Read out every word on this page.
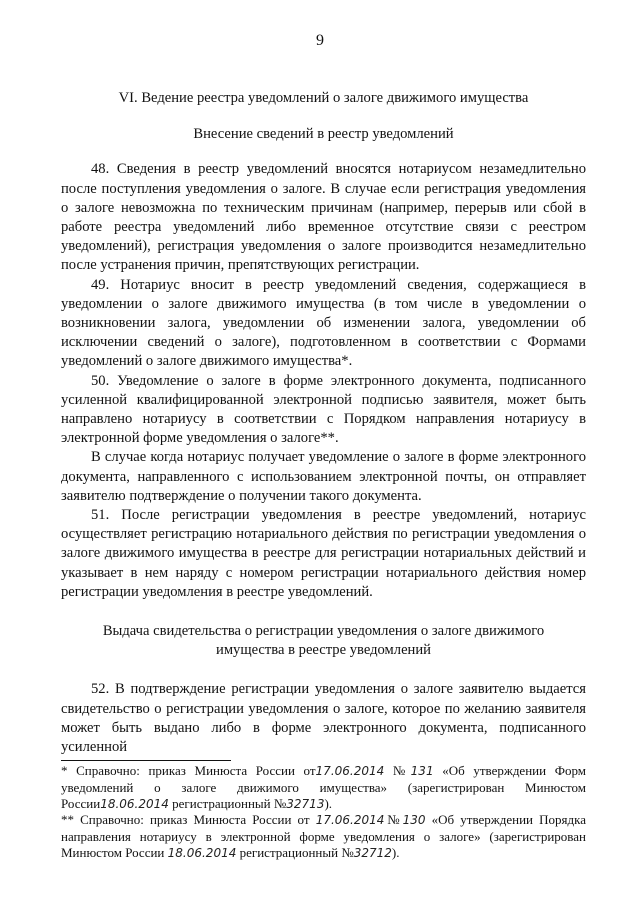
9

VI. Ведение реестра уведомлений о залоге движимого имущества

Внесение сведений в реестр уведомлений

48. Сведения в реестр уведомлений вносятся нотариусом незамедлительно после поступления уведомления о залоге. В случае если регистрация уведомления о залоге невозможна по техническим причинам (например, перерыв или сбой в работе реестра уведомлений либо временное отсутствие связи с реестром уведомлений), регистрация уведомления о залоге производится незамедлительно после устранения причин, препятствующих регистрации.

49. Нотариус вносит в реестр уведомлений сведения, содержащиеся в уведомлении о залоге движимого имущества (в том числе в уведомлении о возникновении залога, уведомлении об изменении залога, уведомлении об исключении сведений о залоге), подготовленном в соответствии с Формами уведомлений о залоге движимого имущества*.

50. Уведомление о залоге в форме электронного документа, подписанного усиленной квалифицированной электронной подписью заявителя, может быть направлено нотариусу в соответствии с Порядком направления нотариусу в электронной форме уведомления о залоге**.

В случае когда нотариус получает уведомление о залоге в форме электронного документа, направленного с использованием электронной почты, он отправляет заявителю подтверждение о получении такого документа.

51. После регистрации уведомления в реестре уведомлений, нотариус осуществляет регистрацию нотариального действия по регистрации уведомления о залоге движимого имущества в реестре для регистрации нотариальных действий и указывает в нем наряду с номером регистрации нотариального действия номер регистрации уведомления в реестре уведомлений.

Выдача свидетельства о регистрации уведомления о залоге движимого имущества в реестре уведомлений

52. В подтверждение регистрации уведомления о залоге заявителю выдается свидетельство о регистрации уведомления о залоге, которое по желанию заявителя может быть выдано либо в форме электронного документа, подписанного усиленной

* Справочно: приказ Минюста России от17.06.2014 №131 «Об утверждении Форм уведомлений о залоге движимого имущества» (зарегистрирован Минюстом России18.06.2014 регистрационный №32713).

** Справочно: приказ Минюста России от 17.06.2014№130 «Об утверждении Порядка направления нотариусу в электронной форме уведомления о залоге» (зарегистрирован Минюстом России 18.06.2014 регистрационный №32712).
